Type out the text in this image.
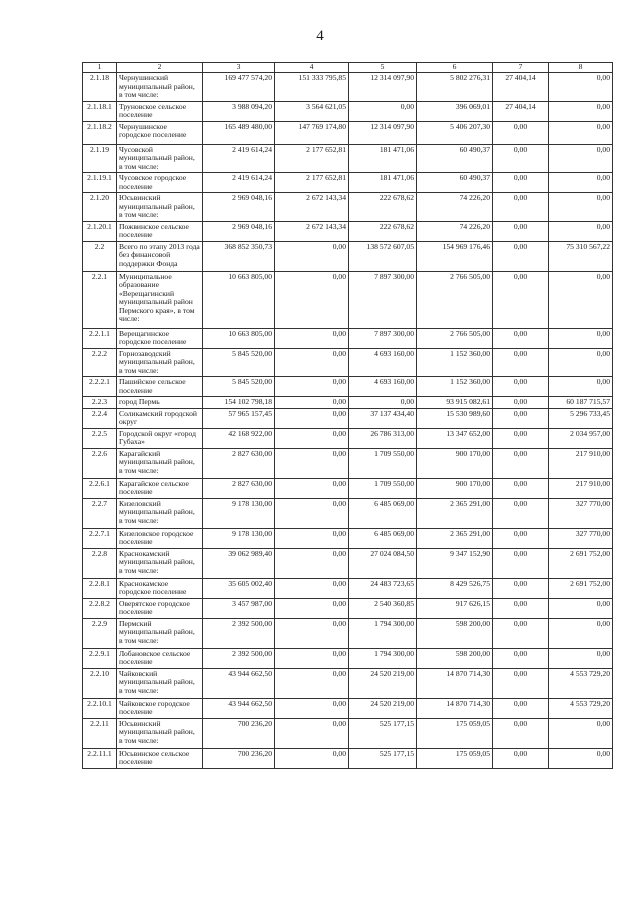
4
1	2	3	4	5	6	7	8
2.1.18	Чернушинский муниципальный район, в том числе:	169 477 574,20	151 333 795,85	12 314 097,90	5 802 276,31	27 404,14	0,00
2.1.18.1	Труновское сельское поселение	3 988 094,20	3 564 621,05	0,00	396 069,01	27 404,14	0,00
2.1.18.2	Чернушинское городское поселение	165 489 480,00	147 769 174,80	12 314 097,90	5 406 207,30	0,00	0,00
2.1.19	Чусовской муниципальный район, в том числе:	2 419 614,24	2 177 652,81	181 471,06	60 490,37	0,00	0,00
2.1.19.1	Чусовское городское поселение	2 419 614,24	2 177 652,81	181 471,06	60 490,37	0,00	0,00
2.1.20	Юсьвинский муниципальный район, в том числе:	2 969 048,16	2 672 143,34	222 678,62	74 226,20	0,00	0,00
2.1.20.1	Пожвинское сельское поселение	2 969 048,16	2 672 143,34	222 678,62	74 226,20	0,00	0,00
2.2	Всего по этапу 2013 года без финансовой поддержки Фонда	368 852 350,73	0,00	138 572 607,05	154 969 176,46	0,00	75 310 567,22
2.2.1	Муниципальное образование «Верещагинский муниципальный район Пермского края», в том числе:	10 663 805,00	0,00	7 897 300,00	2 766 505,00	0,00	0,00
2.2.1.1	Верещагинское городское поселение	10 663 805,00	0,00	7 897 300,00	2 766 505,00	0,00	0,00
2.2.2	Горнозаводский муниципальный район, в том числе:	5 845 520,00	0,00	4 693 160,00	1 152 360,00	0,00	0,00
2.2.2.1	Пашийское сельское поселение	5 845 520,00	0,00	4 693 160,00	1 152 360,00	0,00	0,00
2.2.3	город Пермь	154 102 798,18	0,00	0,00	93 915 082,61	0,00	60 187 715,57
2.2.4	Соликамский городской округ	57 965 157,45	0,00	37 137 434,40	15 530 989,60	0,00	5 296 733,45
2.2.5	Городской округ «город Губаха»	42 168 922,00	0,00	26 786 313,00	13 347 652,00	0,00	2 034 957,00
2.2.6	Карагайский муниципальный район, в том числе:	2 827 630,00	0,00	1 709 550,00	900 170,00	0,00	217 910,00
2.2.6.1	Карагайское сельское поселение	2 827 630,00	0,00	1 709 550,00	900 170,00	0,00	217 910,00
2.2.7	Кизеловский муниципальный район, в том числе:	9 178 130,00	0,00	6 485 069,00	2 365 291,00	0,00	327 770,00
2.2.7.1	Кизеловское городское поселение	9 178 130,00	0,00	6 485 069,00	2 365 291,00	0,00	327 770,00
2.2.8	Краснокамский муниципальный район, в том числе:	39 062 989,40	0,00	27 024 084,50	9 347 152,90	0,00	2 691 752,00
2.2.8.1	Краснокамское городское поселение	35 605 002,40	0,00	24 483 723,65	8 429 526,75	0,00	2 691 752,00
2.2.8.2	Оверятское городское поселение	3 457 987,00	0,00	2 540 360,85	917 626,15	0,00	0,00
2.2.9	Пермский муниципальный район, в том числе:	2 392 500,00	0,00	1 794 300,00	598 200,00	0,00	0,00
2.2.9.1	Лобановское сельское поселение	2 392 500,00	0,00	1 794 300,00	598 200,00	0,00	0,00
2.2.10	Чайковский муниципальный район, в том числе:	43 944 662,50	0,00	24 520 219,00	14 870 714,30	0,00	4 553 729,20
2.2.10.1	Чайковское городское поселение	43 944 662,50	0,00	24 520 219,00	14 870 714,30	0,00	4 553 729,20
2.2.11	Юсьвинский муниципальный район, в том числе:	700 236,20	0,00	525 177,15	175 059,05	0,00	0,00
2.2.11.1	Юсьвинское сельское поселение	700 236,20	0,00	525 177,15	175 059,05	0,00	0,00
